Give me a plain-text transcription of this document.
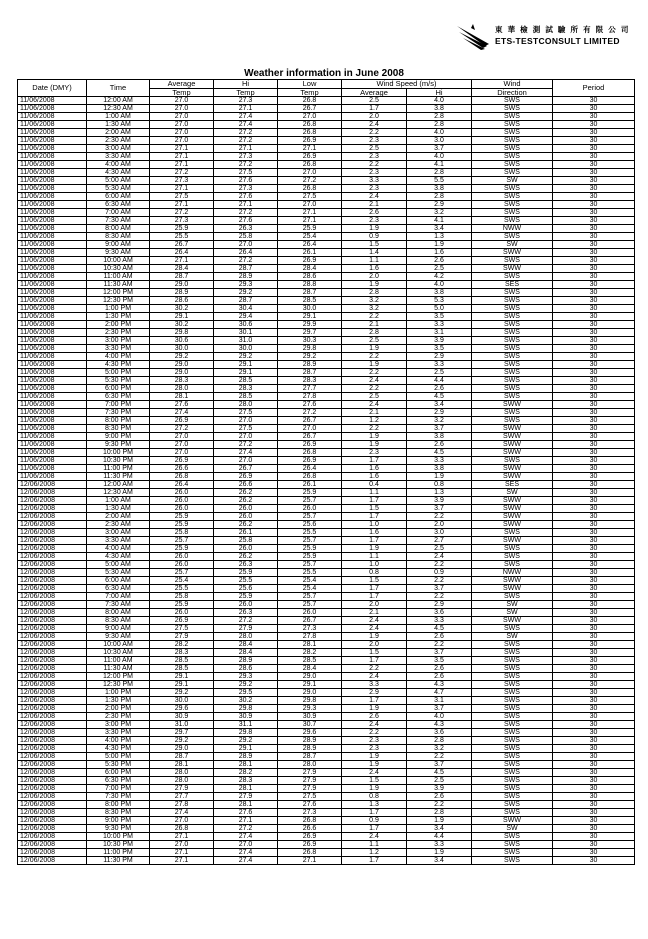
東 華 檢 測 試 驗 所 有 限 公 司
ETS-TESTCONSULT LIMITED
Weather information in June 2008
Date (DMY)	Time	Average	Hi	Low	Wind Speed (m/s)		Wind	Period
		Temp	Temp	Temp	Average	Hi	Direction	
11/06/2008	12:00 AM	27.0	27.3	26.8	2.5	4.0	SWS	30
11/06/2008	12:30 AM	27.0	27.1	26.7	1.7	3.8	SWS	30
11/06/2008	1:00 AM	27.0	27.4	27.0	2.0	2.8	SWS	30
11/06/2008	1:30 AM	27.0	27.4	26.8	2.4	2.8	SWS	30
11/06/2008	2:00 AM	27.0	27.2	26.8	2.2	4.0	SWS	30
11/06/2008	2:30 AM	27.0	27.2	26.9	2.3	3.0	SWS	30
11/06/2008	3:00 AM	27.1	27.1	27.1	2.5	3.7	SWS	30
11/06/2008	3:30 AM	27.1	27.3	26.9	2.3	4.0	SWS	30
11/06/2008	4:00 AM	27.1	27.2	26.8	2.2	4.1	SWS	30
11/06/2008	4:30 AM	27.2	27.5	27.0	2.3	2.8	SWS	30
11/06/2008	5:00 AM	27.3	27.6	27.2	3.3	5.5	SW	30
11/06/2008	5:30 AM	27.1	27.3	26.8	2.3	3.8	SWS	30
11/06/2008	6:00 AM	27.5	27.6	27.5	2.4	2.8	SWS	30
11/06/2008	6:30 AM	27.1	27.1	27.0	2.1	2.9	SWS	30
11/06/2008	7:00 AM	27.2	27.2	27.1	2.6	3.2	SWS	30
11/06/2008	7:30 AM	27.3	27.6	27.1	2.3	4.1	SWS	30
11/06/2008	8:00 AM	25.9	26.3	25.9	1.9	3.4	NWW	30
11/06/2008	8:30 AM	25.5	25.8	25.4	0.9	1.3	SWS	30
11/06/2008	9:00 AM	26.7	27.0	26.4	1.5	1.9	SW	30
11/06/2008	9:30 AM	26.4	26.4	26.1	1.4	1.6	SWW	30
11/06/2008	10:00 AM	27.1	27.2	26.9	1.1	2.6	SWS	30
11/06/2008	10:30 AM	28.4	28.7	28.4	1.6	2.5	SWW	30
11/06/2008	11:00 AM	28.7	28.9	28.6	2.0	4.2	SWS	30
11/06/2008	11:30 AM	29.0	29.3	28.8	1.9	4.0	SES	30
11/06/2008	12:00 PM	28.9	29.2	28.7	2.8	3.8	SWS	30
11/06/2008	12:30 PM	28.6	28.7	28.5	3.2	5.3	SWS	30
11/06/2008	1:00 PM	30.2	30.4	30.0	3.2	5.0	SWS	30
11/06/2008	1:30 PM	29.1	29.4	29.1	2.2	3.5	SWS	30
11/06/2008	2:00 PM	30.2	30.6	29.9	2.1	3.3	SWS	30
11/06/2008	2:30 PM	29.8	30.1	29.7	2.8	3.1	SWS	30
11/06/2008	3:00 PM	30.6	31.0	30.3	2.5	3.9	SWS	30
11/06/2008	3:30 PM	30.0	30.0	29.8	1.9	3.5	SWS	30
11/06/2008	4:00 PM	29.2	29.2	29.2	2.2	2.9	SWS	30
11/06/2008	4:30 PM	29.0	29.1	28.9	1.9	3.3	SWS	30
11/06/2008	5:00 PM	29.0	29.1	28.7	2.2	2.5	SWS	30
11/06/2008	5:30 PM	28.3	28.5	28.3	2.4	4.4	SWS	30
11/06/2008	6:00 PM	28.0	28.3	27.7	2.2	2.6	SWS	30
11/06/2008	6:30 PM	28.1	28.5	27.8	2.5	4.5	SWS	30
11/06/2008	7:00 PM	27.6	28.0	27.6	2.4	3.4	SWW	30
11/06/2008	7:30 PM	27.4	27.5	27.2	2.1	2.9	SWS	30
11/06/2008	8:00 PM	26.9	27.0	26.7	1.2	3.2	SWS	30
11/06/2008	8:30 PM	27.2	27.5	27.0	2.2	3.7	SWW	30
11/06/2008	9:00 PM	27.0	27.0	26.7	1.9	3.8	SWW	30
11/06/2008	9:30 PM	27.0	27.2	26.9	1.9	2.6	SWW	30
11/06/2008	10:00 PM	27.0	27.4	26.8	2.3	4.5	SWW	30
11/06/2008	10:30 PM	26.9	27.0	26.9	1.7	3.3	SWS	30
11/06/2008	11:00 PM	26.6	26.7	26.4	1.6	3.8	SWW	30
11/06/2008	11:30 PM	26.8	26.9	26.8	1.6	1.9	SWW	30
12/06/2008	12:00 AM	26.4	26.6	26.1	0.4	0.8	SES	30
12/06/2008	12:30 AM	26.0	26.2	25.9	1.1	1.3	SW	30
12/06/2008	1:00 AM	26.0	26.2	25.7	1.7	3.9	SWW	30
12/06/2008	1:30 AM	26.0	26.0	26.0	1.5	3.7	SWW	30
12/06/2008	2:00 AM	25.9	26.0	25.7	1.7	2.2	SWW	30
12/06/2008	2:30 AM	25.9	26.2	25.6	1.0	2.0	SWW	30
12/06/2008	3:00 AM	25.8	26.1	25.5	1.6	3.0	SWS	30
12/06/2008	3:30 AM	25.7	25.8	25.7	1.7	2.7	SWW	30
12/06/2008	4:00 AM	25.9	26.0	25.9	1.9	2.5	SWS	30
12/06/2008	4:30 AM	26.0	26.2	25.9	1.1	2.4	SWS	30
12/06/2008	5:00 AM	26.0	26.3	25.7	1.0	2.2	SWS	30
12/06/2008	5:30 AM	25.7	25.9	25.5	0.8	0.9	NWW	30
12/06/2008	6:00 AM	25.4	25.5	25.4	1.5	2.2	SWW	30
12/06/2008	6:30 AM	25.5	25.6	25.4	1.7	3.7	SWW	30
12/06/2008	7:00 AM	25.8	25.9	25.7	1.7	2.2	SWS	30
12/06/2008	7:30 AM	25.9	26.0	25.7	2.0	2.9	SW	30
12/06/2008	8:00 AM	26.0	26.3	26.0	2.1	3.6	SW	30
12/06/2008	8:30 AM	26.9	27.2	26.7	2.4	3.3	SWW	30
12/06/2008	9:00 AM	27.5	27.9	27.3	2.4	4.5	SWS	30
12/06/2008	9:30 AM	27.9	28.0	27.8	1.9	2.6	SW	30
12/06/2008	10:00 AM	28.2	28.4	28.1	2.0	2.2	SWS	30
12/06/2008	10:30 AM	28.3	28.4	28.2	1.5	3.7	SWS	30
12/06/2008	11:00 AM	28.5	28.9	28.5	1.7	3.5	SWS	30
12/06/2008	11:30 AM	28.5	28.6	28.4	2.2	2.6	SWS	30
12/06/2008	12:00 PM	29.1	29.3	29.0	2.4	2.6	SWS	30
12/06/2008	12:30 PM	29.1	29.2	29.1	3.3	4.3	SWS	30
12/06/2008	1:00 PM	29.2	29.5	29.0	2.9	4.7	SWS	30
12/06/2008	1:30 PM	30.0	30.2	29.8	1.7	3.1	SWS	30
12/06/2008	2:00 PM	29.6	29.8	29.3	1.9	3.7	SWS	30
12/06/2008	2:30 PM	30.9	30.9	30.9	2.6	4.0	SWS	30
12/06/2008	3:00 PM	31.0	31.1	30.7	2.4	4.3	SWS	30
12/06/2008	3:30 PM	29.7	29.8	29.6	2.2	3.6	SWS	30
12/06/2008	4:00 PM	29.2	29.2	28.9	2.3	2.8	SWS	30
12/06/2008	4:30 PM	29.0	29.1	28.9	2.3	3.2	SWS	30
12/06/2008	5:00 PM	28.7	28.9	28.7	1.9	2.2	SWS	30
12/06/2008	5:30 PM	28.1	28.1	28.0	1.9	3.7	SWS	30
12/06/2008	6:00 PM	28.0	28.2	27.9	2.4	4.5	SWS	30
12/06/2008	6:30 PM	28.0	28.3	27.9	1.5	2.5	SWS	30
12/06/2008	7:00 PM	27.9	28.1	27.9	1.9	3.9	SWS	30
12/06/2008	7:30 PM	27.7	27.9	27.5	0.8	2.6	SWS	30
12/06/2008	8:00 PM	27.8	28.1	27.6	1.3	2.2	SWS	30
12/06/2008	8:30 PM	27.4	27.6	27.3	1.7	2.8	SWS	30
12/06/2008	9:00 PM	27.0	27.1	26.8	0.9	1.9	SWW	30
12/06/2008	9:30 PM	26.8	27.2	26.6	1.7	3.4	SW	30
12/06/2008	10:00 PM	27.1	27.4	26.9	2.4	4.4	SWS	30
12/06/2008	10:30 PM	27.0	27.0	26.9	1.1	3.3	SWS	30
12/06/2008	11:00 PM	27.1	27.4	26.8	1.2	1.9	SWS	30
12/06/2008	11:30 PM	27.1	27.4	27.1	1.7	3.4	SWS	30
